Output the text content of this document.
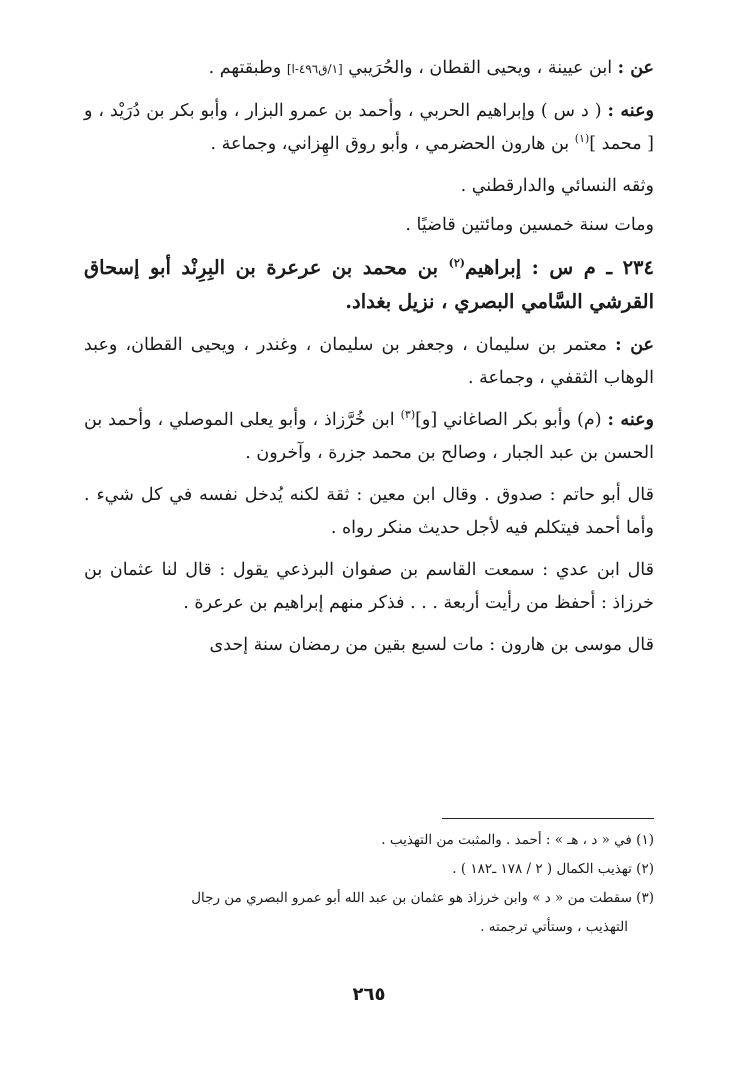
عن : ابن عيينة ، ويحيى القطان ، والحُرَيبي [١/ق٤٩٦-ا] وطبقتهم .

وعنه : ( د س ) وإبراهيم الحربي ، وأحمد بن عمرو البزار ، وأبو بكر بن دُرَيْد ، و [ محمد ]$^{(١)}$ بن هارون الحضرمي ، وأبو روق الهِزاني، وجماعة .

وثقه النسائي والدارقطني .

ومات سنة خمسين ومائتين قاضيًا .

٢٣٤ ـ م س : إبراهيم$^{(٢)}$ بن محمد بن عرعرة بن البِرِنْد أبو إسحاق القرشي السَّامي البصري ، نزيل بغداد.

عن : معتمر بن سليمان ، وجعفر بن سليمان ، وغندر ، ويحيى القطان، وعبد الوهاب الثقفي ، وجماعة .

وعنه : (م) وأبو بكر الصاغاني [و]$^{(٣)}$ ابن خُرَّزاذ ، وأبو يعلى الموصلي ، وأحمد بن الحسن بن عبد الجبار ، وصالح بن محمد جزرة ، وآخرون .

قال أبو حاتم : صدوق . وقال ابن معين : ثقة لكنه يُدخل نفسه في كل شيء . وأما أحمد فيتكلم فيه لأجل حديث منكر رواه .

قال ابن عدي : سمعت القاسم بن صفوان البرذعي يقول : قال لنا عثمان بن خرزاذ : أحفظ من رأيت أربعة . . . فذكر منهم إبراهيم بن عرعرة .

قال موسى بن هارون : مات لسبع بقين من رمضان سنة إحدى

(١) في « د ، هـ » : أحمد . والمثبت من التهذيب .

(٢) تهذيب الكمال ( ٢ / ١٧٨ ـ١٨٢ ) .

(٣) سقطت من « د » وابن خرزاذ هو عثمان بن عبد الله أبو عمرو البصري من رجال
التهذيب ، وستأتي ترجمته .

٢٦٥
